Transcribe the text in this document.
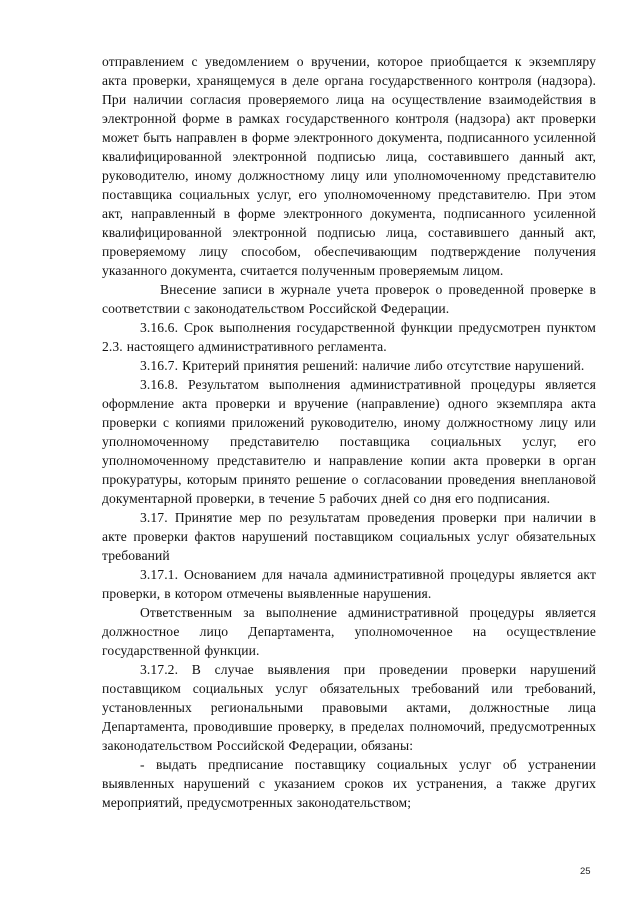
отправлением с уведомлением о вручении, которое приобщается к экземпляру акта проверки, хранящемуся в деле органа государственного контроля (надзора). При наличии согласия проверяемого лица на осуществление взаимодействия в электронной форме в рамках государственного контроля (надзора) акт проверки может быть направлен в форме электронного документа, подписанного усиленной квалифицированной электронной подписью лица, составившего данный акт, руководителю, иному должностному лицу или уполномоченному представителю поставщика социальных услуг, его уполномоченному представителю. При этом акт, направленный в форме электронного документа, подписанного усиленной квалифицированной электронной подписью лица, составившего данный акт, проверяемому лицу способом, обеспечивающим подтверждение получения указанного документа, считается полученным проверяемым лицом.

Внесение записи в журнале учета проверок о проведенной проверке в соответствии с законодательством Российской Федерации.

3.16.6. Срок выполнения государственной функции предусмотрен пунктом 2.3. настоящего административного регламента.

3.16.7. Критерий принятия решений: наличие либо отсутствие нарушений.

3.16.8. Результатом выполнения административной процедуры является оформление акта проверки и вручение (направление) одного экземпляра акта проверки с копиями приложений руководителю, иному должностному лицу или уполномоченному представителю поставщика социальных услуг, его уполномоченному представителю и направление копии акта проверки в орган прокуратуры, которым принято решение о согласовании проведения внеплановой документарной проверки, в течение 5 рабочих дней со дня его подписания.

3.17. Принятие мер по результатам проведения проверки при наличии в акте проверки фактов нарушений поставщиком социальных услуг обязательных требований

3.17.1. Основанием для начала административной процедуры является акт проверки, в котором отмечены выявленные нарушения.

Ответственным за выполнение административной процедуры является должностное лицо Департамента, уполномоченное на осуществление государственной функции.

3.17.2. В случае выявления при проведении проверки нарушений поставщиком социальных услуг обязательных требований или требований, установленных региональными правовыми актами, должностные лица Департамента, проводившие проверку, в пределах полномочий, предусмотренных законодательством Российской Федерации, обязаны:

- выдать предписание поставщику социальных услуг об устранении выявленных нарушений с указанием сроков их устранения, а также других мероприятий, предусмотренных законодательством;

25
